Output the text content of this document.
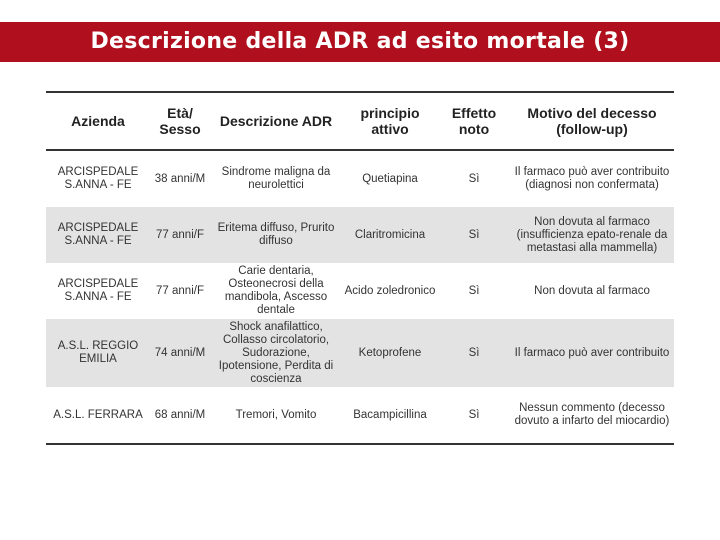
Descrizione della ADR ad esito mortale (3)
Azienda	Età/ Sesso	Descrizione ADR	principio attivo	Effetto noto	Motivo del decesso (follow-up)
ARCISPEDALE S.ANNA - FE	38 anni/M	Sindrome maligna da neurolettici	Quetiapina	Sì	Il farmaco può aver contribuito (diagnosi non confermata)
ARCISPEDALE S.ANNA - FE	77 anni/F	Eritema diffuso, Prurito diffuso	Claritromicina	Sì	Non dovuta al farmaco (insufficienza epato-renale da metastasi alla mammella)
ARCISPEDALE S.ANNA - FE	77 anni/F	Carie dentaria, Osteonecrosi della mandibola, Ascesso dentale	Acido zoledronico	Sì	Non dovuta al farmaco
A.S.L. REGGIO EMILIA	74 anni/M	Shock anafilattico, Collasso circolatorio, Sudorazione, Ipotensione, Perdita di coscienza	Ketoprofene	Sì	Il farmaco può aver contribuito
A.S.L. FERRARA	68 anni/M	Tremori, Vomito	Bacampicillina	Sì	Nessun commento (decesso dovuto a infarto del miocardio)
